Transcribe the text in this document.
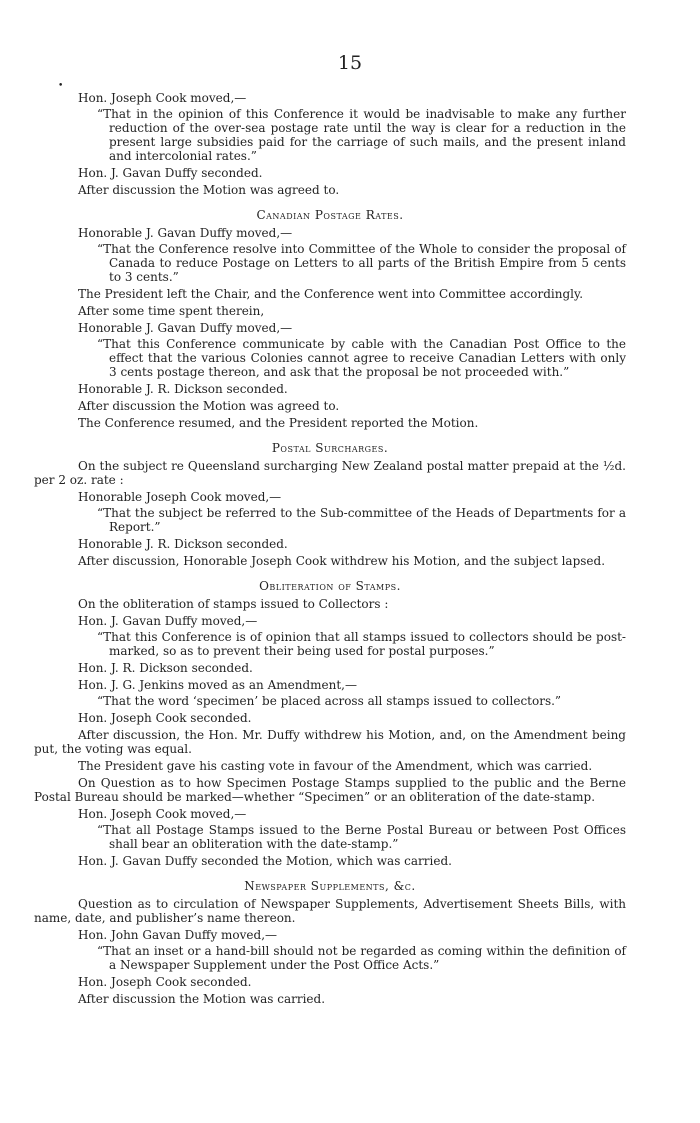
15
•

Hon. Joseph Cook moved,—

“That in the opinion of this Conference it would be inadvisable to make any further reduction of the over-sea postage rate until the way is clear for a reduction in the present large subsidies paid for the carriage of such mails, and the present inland and intercolonial rates.”

Hon. J. Gavan Duffy seconded.

After discussion the Motion was agreed to.

Canadian Postage Rates.

Honorable J. Gavan Duffy moved,—

“That the Conference resolve into Committee of the Whole to consider the proposal of Canada to reduce Postage on Letters to all parts of the British Empire from 5 cents to 3 cents.”

The President left the Chair, and the Conference went into Committee accordingly.

After some time spent therein,

Honorable J. Gavan Duffy moved,—

“That this Conference communicate by cable with the Canadian Post Office to the effect that the various Colonies cannot agree to receive Canadian Letters with only 3 cents postage thereon, and ask that the proposal be not proceeded with.”

Honorable J. R. Dickson seconded.

After discussion the Motion was agreed to.

The Conference resumed, and the President reported the Motion.

Postal Surcharges.

On the subject re Queensland surcharging New Zealand postal matter prepaid at the ½d. per 2 oz. rate :

Honorable Joseph Cook moved,—

“That the subject be referred to the Sub-committee of the Heads of Departments for a Report.”

Honorable J. R. Dickson seconded.

After discussion, Honorable Joseph Cook withdrew his Motion, and the subject lapsed.

Obliteration of Stamps.

On the obliteration of stamps issued to Collectors :

Hon. J. Gavan Duffy moved,—

“That this Conference is of opinion that all stamps issued to collectors should be post-marked, so as to prevent their being used for postal purposes.”

Hon. J. R. Dickson seconded.

Hon. J. G. Jenkins moved as an Amendment,—

“That the word ‘specimen’ be placed across all stamps issued to collectors.”

Hon. Joseph Cook seconded.

After discussion, the Hon. Mr. Duffy withdrew his Motion, and, on the Amendment being put, the voting was equal.

The President gave his casting vote in favour of the Amendment, which was carried.

On Question as to how Specimen Postage Stamps supplied to the public and the Berne Postal Bureau should be marked—whether “Specimen” or an obliteration of the date-stamp.

Hon. Joseph Cook moved,—

“That all Postage Stamps issued to the Berne Postal Bureau or between Post Offices shall bear an obliteration with the date-stamp.”

Hon. J. Gavan Duffy seconded the Motion, which was carried.

Newspaper Supplements, &c.

Question as to circulation of Newspaper Supplements, Advertisement Sheets Bills, with name, date, and publisher’s name thereon.

Hon. John Gavan Duffy moved,—

“That an inset or a hand-bill should not be regarded as coming within the definition of a Newspaper Supplement under the Post Office Acts.”

Hon. Joseph Cook seconded.

After discussion the Motion was carried.
